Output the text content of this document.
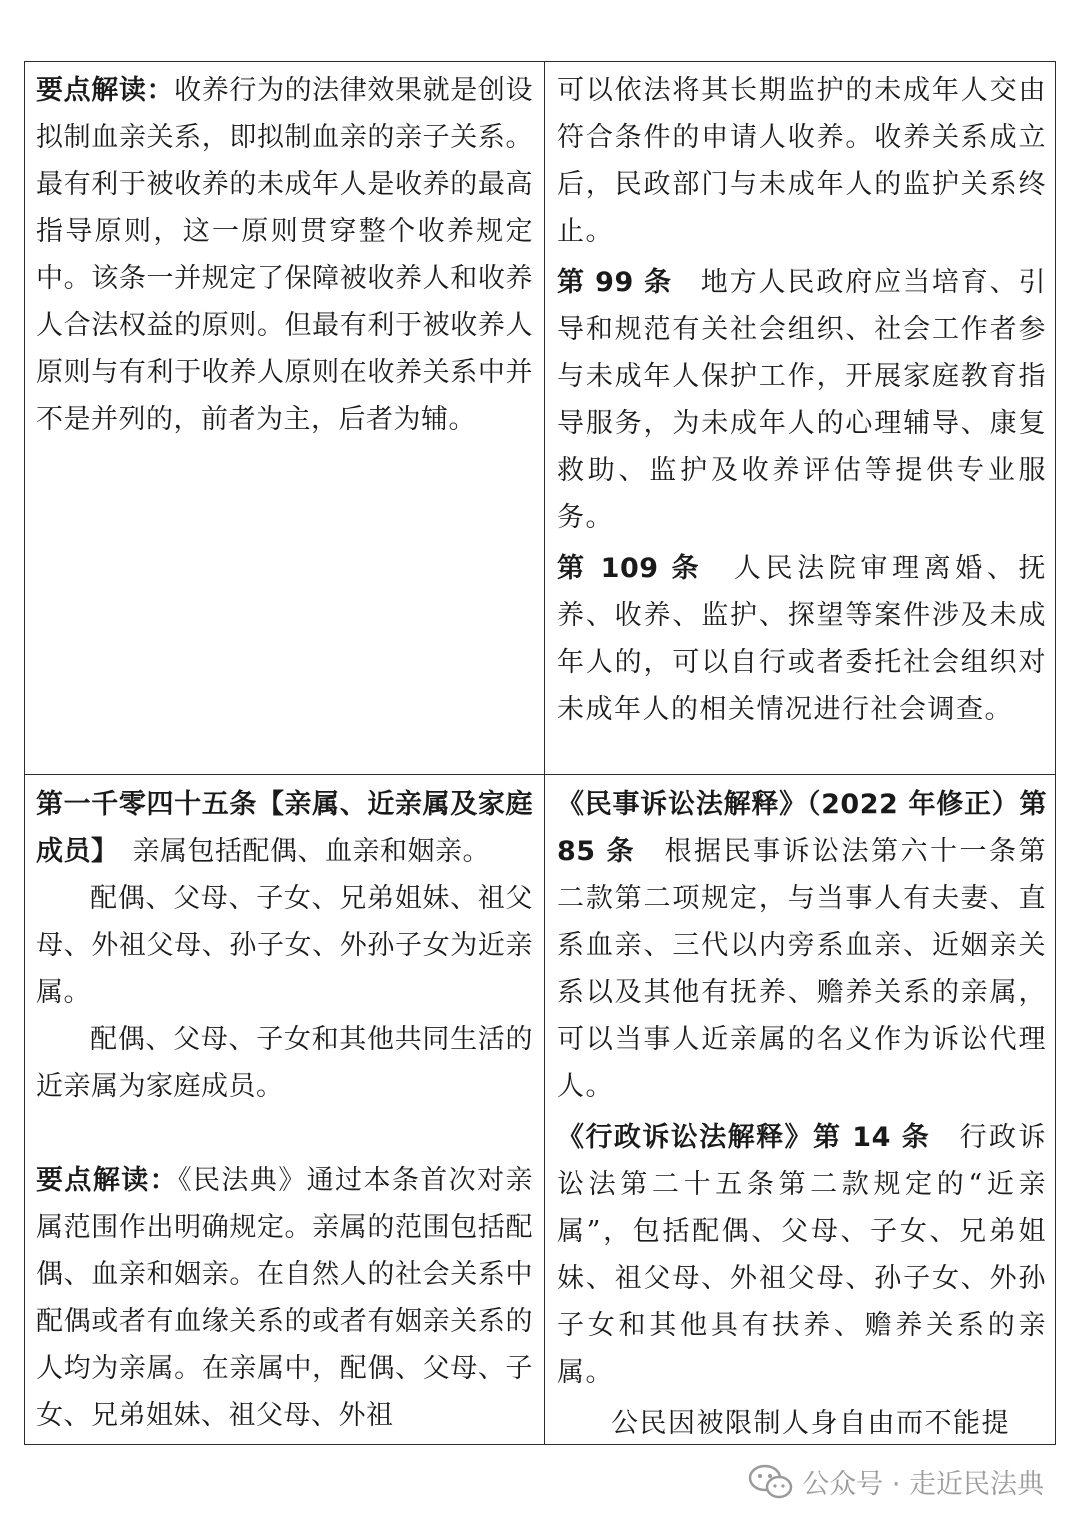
要点解读：收养行为的法律效果就是创设拟制血亲关系，即拟制血亲的亲子关系。最有利于被收养的未成年人是收养的最高指导原则，这一原则贯穿整个收养规定中。该条一并规定了保障被收养人和收养人合法权益的原则。但最有利于被收养人原则与有利于收养人原则在收养关系中并不是并列的，前者为主，后者为辅。

可以依法将其长期监护的未成年人交由符合条件的申请人收养。收养关系成立后，民政部门与未成年人的监护关系终止。

第 99 条  地方人民政府应当培育、引导和规范有关社会组织、社会工作者参与未成年人保护工作，开展家庭教育指导服务，为未成年人的心理辅导、康复救助、监护及收养评估等提供专业服务。

第 109 条  人民法院审理离婚、抚养、收养、监护、探望等案件涉及未成年人的，可以自行或者委托社会组织对未成年人的相关情况进行社会调查。

第一千零四十五条【亲属、近亲属及家庭成员】  亲属包括配偶、血亲和姻亲。

配偶、父母、子女、兄弟姐妹、祖父母、外祖父母、孙子女、外孙子女为近亲属。

配偶、父母、子女和其他共同生活的近亲属为家庭成员。

要点解读：《民法典》通过本条首次对亲属范围作出明确规定。亲属的范围包括配偶、血亲和姻亲。在自然人的社会关系中配偶或者有血缘关系的或者有姻亲关系的人均为亲属。在亲属中，配偶、父母、子女、兄弟姐妹、祖父母、外祖

《民事诉讼法解释》（2022 年修正）第 85 条  根据民事诉讼法第六十一条第二款第二项规定，与当事人有夫妻、直系血亲、三代以内旁系血亲、近姻亲关系以及其他有抚养、赡养关系的亲属，可以当事人近亲属的名义作为诉讼代理人。

《行政诉讼法解释》第 14 条  行政诉讼法第二十五条第二款规定的“近亲属”，包括配偶、父母、子女、兄弟姐妹、祖父母、外祖父母、孙子女、外孙子女和其他具有扶养、赡养关系的亲属。

公民因被限制人身自由而不能提

公众号 · 走近民法典
